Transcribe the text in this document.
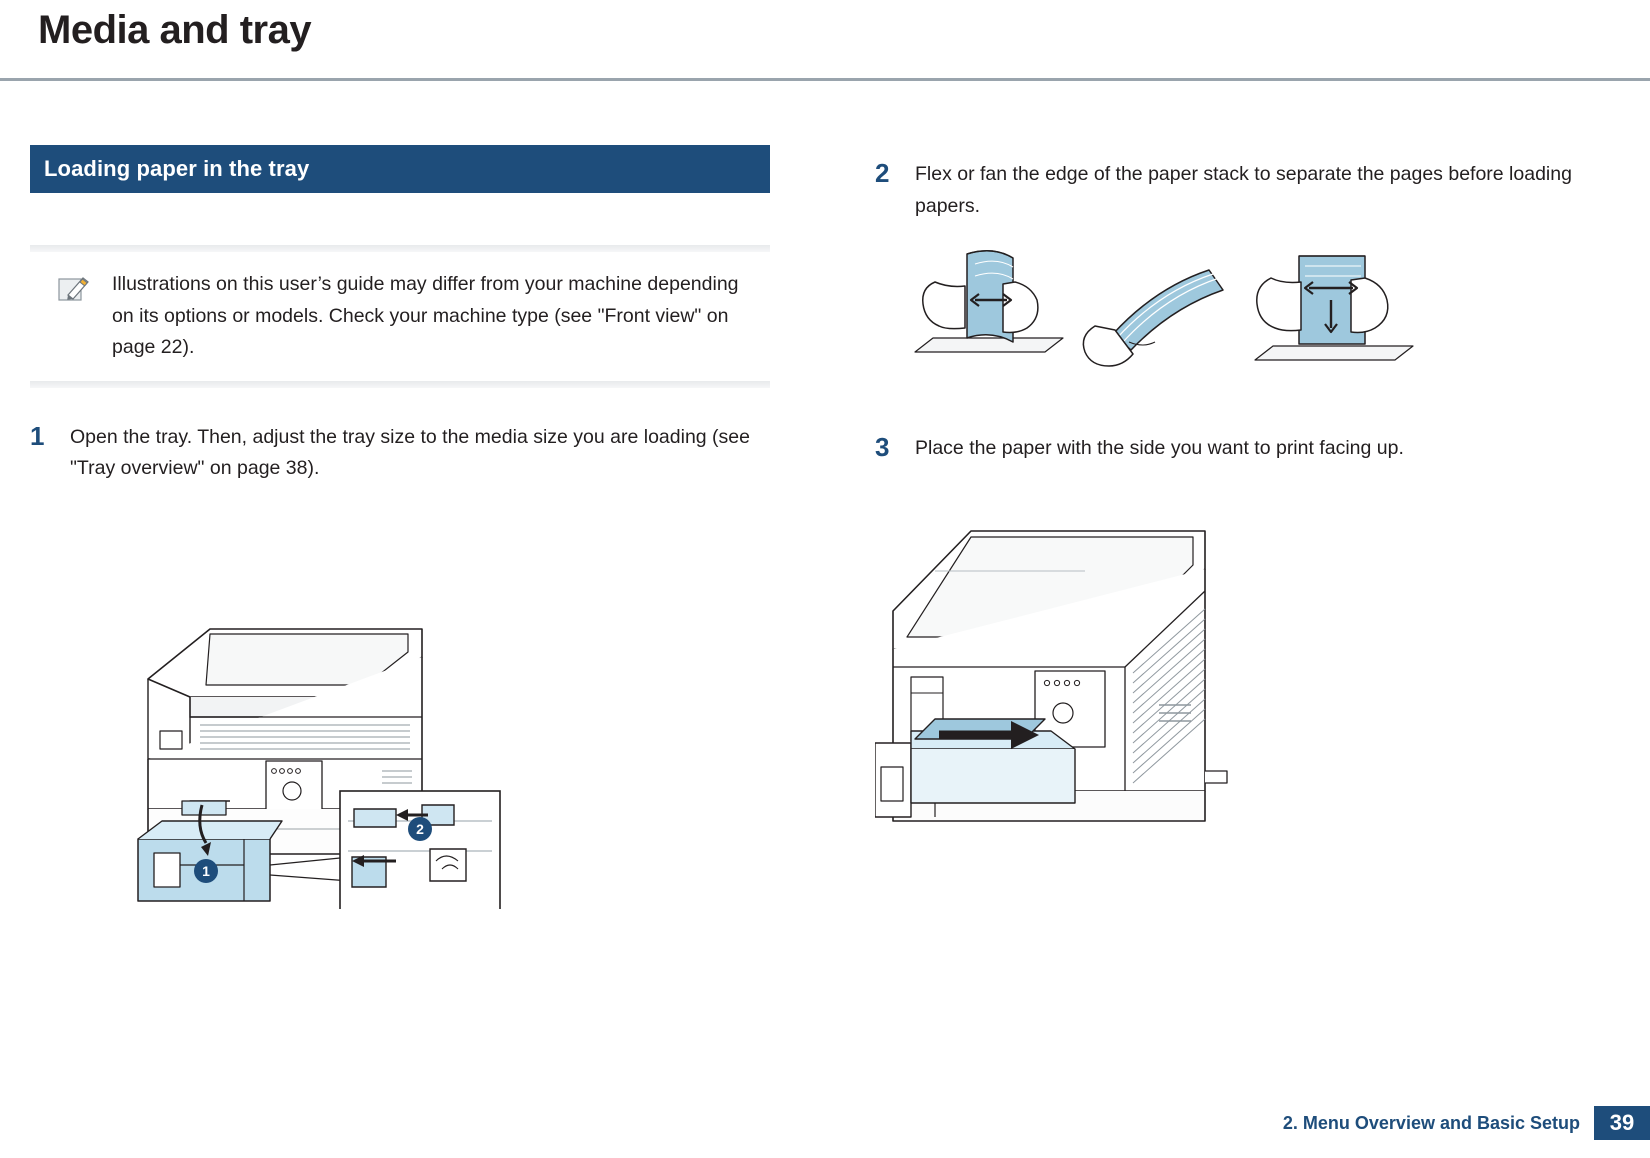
Media and tray
Loading paper in the tray
Illustrations on this user’s guide may differ from your machine depending on its options or models. Check your machine type (see "Front view" on page 22).
1	Open the tray. Then, adjust the tray size to the media size you are loading (see "Tray overview" on page 38).
1
2
2	Flex or fan the edge of the paper stack to separate the pages before loading papers.
3	Place the paper with the side you want to print facing up.
2. Menu Overview and Basic Setup	39
